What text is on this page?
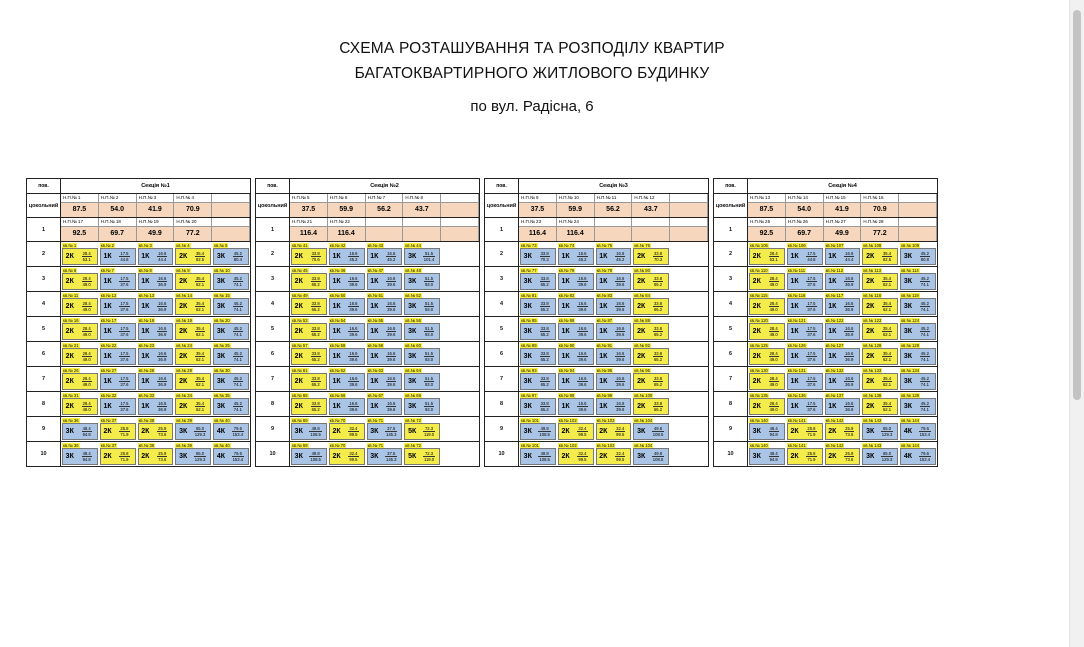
СХЕМА РОЗТАШУВАННЯ ТА РОЗПОДІЛУ КВАРТИР
БАГАТОКВАРТИРНОГО ЖИТЛОВОГО БУДИНКУ
по вул. Радісна, 6
пов.	Секція №1
цокольний
Н.П.№ 1	Н.П.№ 2	Н.П.№ 3	Н.П.№ 4
87.5	54.0	41.9	70.9
1
Н.П.№ 17	Н.П.№ 18	Н.П.№ 19	Н.П.№ 20
92.5	69.7	49.9	77.2
2
кв.№ 1
2К	28.4
53.1
кв.№ 2
1К	17.5
44.8
кв.№ 3
1К	16.6
44.4
кв.№ 4
2К	35.4
82.5
кв.№ 5
3К	45.2
80.4
3
кв.№ 6
2К	28.4
49.0
кв.№ 7
1К	17.5
37.6
кв.№ 8
1К	16.6
36.9
кв.№ 9
2К	35.4
62.1
кв.№ 10
3К	45.2
74.1
4
кв.№ 11
2К	28.4
49.0
кв.№ 12
1К	17.5
37.6
кв.№ 13
1К	16.6
36.9
кв.№ 14
2К	35.4
62.1
кв.№ 15
3К	45.2
74.1
5
кв.№ 16
2К	28.4
49.0
кв.№ 17
1К	17.5
37.6
кв.№ 18
1К	16.6
36.9
кв.№ 19
2К	35.4
62.1
кв.№ 20
3К	45.2
74.1
6
кв.№ 21
2К	28.4
49.0
кв.№ 22
1К	17.5
37.6
кв.№ 23
1К	16.6
36.9
кв.№ 24
2К	35.4
62.1
кв.№ 25
3К	45.2
74.1
7
кв.№ 26
2К	28.4
49.0
кв.№ 27
1К	17.5
37.6
кв.№ 28
1К	16.6
36.9
кв.№ 29
2К	35.4
62.1
кв.№ 30
3К	45.2
74.1
8
кв.№ 31
2К	28.4
49.0
кв.№ 32
1К	17.5
37.6
кв.№ 33
1К	16.6
36.9
кв.№ 34
2К	35.4
62.1
кв.№ 35
3К	45.2
74.1
9
кв.№ 36
3К	48.4
94.8
кв.№ 37
2К	25.8
71.9
кв.№ 38
2К	25.9
73.6
кв.№ 39
3К	65.0
129.3
кв.№ 40
4К	79.6
153.4
10
кв.№ 36
3К	48.4
94.8
кв.№ 37
2К	25.8
71.9
кв.№ 38
2К	25.9
73.6
кв.№ 39
3К	65.0
129.3
кв.№ 40
4К	79.6
153.4
пов.	Секція №2
цокольний
Н.П.№ 5	Н.П.№ 6	Н.П.№ 7	Н.П.№ 8
37.5	59.9	56.2	43.7
1
Н.П.№ 21	Н.П.№ 22
116.4	116.4
2
кв.№ 41
2К	33.8
70.6
кв.№ 42
1К	16.6
45.2
кв.№ 43
1К	16.6
45.2
кв.№ 44
3К	51.5
101.4
3
кв.№ 45
2К	33.8
65.2
кв.№ 46
1К	16.6
39.6
кв.№ 47
1К	16.6
39.6
кв.№ 48
3К	51.5
93.0
4
кв.№ 49
2К	33.8
65.2
кв.№ 50
1К	16.6
39.6
кв.№ 51
1К	16.6
39.6
кв.№ 52
3К	51.5
93.0
5
кв.№ 53
2К	33.8
65.2
кв.№ 54
1К	16.6
39.6
кв.№ 55
1К	16.6
39.6
кв.№ 56
3К	51.5
93.0
6
кв.№ 57
2К	33.8
65.2
кв.№ 58
1К	16.6
39.6
кв.№ 59
1К	16.6
39.6
кв.№ 60
3К	51.5
93.0
7
кв.№ 61
2К	33.8
65.2
кв.№ 62
1К	16.6
39.6
кв.№ 63
1К	16.6
39.6
кв.№ 64
3К	51.5
93.0
8
кв.№ 65
2К	33.8
65.2
кв.№ 66
1К	16.6
39.6
кв.№ 67
1К	16.6
39.6
кв.№ 68
3К	51.5
93.0
9
кв.№ 69
3К	49.8
108.5
кв.№ 70
2К	32.4
99.5
кв.№ 71
3К	37.5
145.3
кв.№ 72
5К	72.3
119.0
10
кв.№ 69
3К	49.8
108.5
кв.№ 70
2К	32.4
99.5
кв.№ 71
3К	37.5
145.3
кв.№ 72
5К	72.3
119.0
пов.	Секція №3
цокольний
Н.П.№ 9	Н.П.№ 10	Н.П.№ 11	Н.П.№ 12
37.5	59.9	56.2	43.7
1
Н.П.№ 23	Н.П.№ 24
116.4	116.4
2
кв.№ 73
3К	33.8
70.3
кв.№ 74
1К	16.6
45.2
кв.№ 75
1К	16.6
45.2
кв.№ 76
2К	33.8
70.3
3
кв.№ 77
3К	33.8
65.2
кв.№ 78
1К	16.6
39.6
кв.№ 79
1К	16.6
39.6
кв.№ 80
2К	33.8
65.2
4
кв.№ 81
3К	33.8
65.2
кв.№ 82
1К	16.6
39.6
кв.№ 83
1К	16.6
39.6
кв.№ 84
2К	33.8
65.2
5
кв.№ 85
3К	33.8
65.2
кв.№ 86
1К	16.6
39.6
кв.№ 87
1К	16.6
39.6
кв.№ 88
2К	33.8
65.2
6
кв.№ 89
3К	33.8
65.2
кв.№ 90
1К	16.6
39.6
кв.№ 91
1К	16.6
39.6
кв.№ 92
2К	33.8
65.2
7
кв.№ 93
3К	33.8
65.2
кв.№ 94
1К	16.6
39.6
кв.№ 95
1К	16.6
39.6
кв.№ 96
2К	33.8
65.2
8
кв.№ 97
3К	33.8
65.2
кв.№ 98
1К	16.6
39.6
кв.№ 99
1К	16.6
39.6
кв.№ 100
2К	33.8
65.2
9
кв.№ 101
3К	49.8
108.5
кв.№ 102
2К	32.4
99.5
кв.№ 103
2К	32.4
99.5
кв.№ 104
3К	49.8
108.5
10
кв.№ 101
3К	49.8
108.5
кв.№ 102
2К	32.4
99.5
кв.№ 103
2К	32.4
99.5
кв.№ 104
3К	49.8
108.5
пов.	Секція №4
цокольний
Н.П.№ 13	Н.П.№ 14	Н.П.№ 15	Н.П.№ 16
87.5	54.0	41.9	70.9
1
Н.П.№ 25	Н.П.№ 26	Н.П.№ 27	Н.П.№ 28
92.5	69.7	49.9	77.2
2
кв.№ 105
2К	28.4
53.1
кв.№ 106
1К	17.5
44.8
кв.№ 107
1К	16.6
44.4
кв.№ 108
2К	35.4
82.5
кв.№ 109
3К	45.2
80.8
3
кв.№ 110
2К	28.4
49.0
кв.№ 111
1К	17.5
37.6
кв.№ 112
1К	16.6
36.9
кв.№ 113
2К	35.4
62.1
кв.№ 114
3К	45.2
74.1
4
кв.№ 115
2К	28.4
49.0
кв.№ 116
1К	17.5
37.6
кв.№ 117
1К	16.6
36.9
кв.№ 118
2К	35.4
62.1
кв.№ 119
3К	45.2
74.1
5
кв.№ 120
2К	28.4
49.0
кв.№ 121
1К	17.5
37.6
кв.№ 122
1К	16.6
36.9
кв.№ 123
2К	35.4
62.1
кв.№ 124
3К	45.2
74.1
6
кв.№ 125
2К	28.4
49.0
кв.№ 126
1К	17.5
37.6
кв.№ 127
1К	16.6
36.9
кв.№ 128
2К	35.4
62.1
кв.№ 129
3К	45.2
74.1
7
кв.№ 130
2К	28.4
49.0
кв.№ 131
1К	17.5
37.6
кв.№ 132
1К	16.6
36.9
кв.№ 133
2К	35.4
62.1
кв.№ 134
3К	45.2
74.1
8
кв.№ 135
2К	28.4
49.0
кв.№ 136
1К	17.5
37.6
кв.№ 137
1К	16.6
36.9
кв.№ 138
2К	35.4
62.1
кв.№ 139
3К	45.2
74.1
9
кв.№ 140
3К	48.4
94.8
кв.№ 141
2К	25.8
71.9
кв.№ 142
2К	25.9
73.6
кв.№ 143
3К	65.0
129.3
кв.№ 144
4К	79.6
153.4
10
кв.№ 140
3К	48.4
94.8
кв.№ 141
2К	25.8
71.9
кв.№ 142
2К	25.9
73.6
кв.№ 143
3К	65.0
129.3
кв.№ 144
4К	79.6
153.4
